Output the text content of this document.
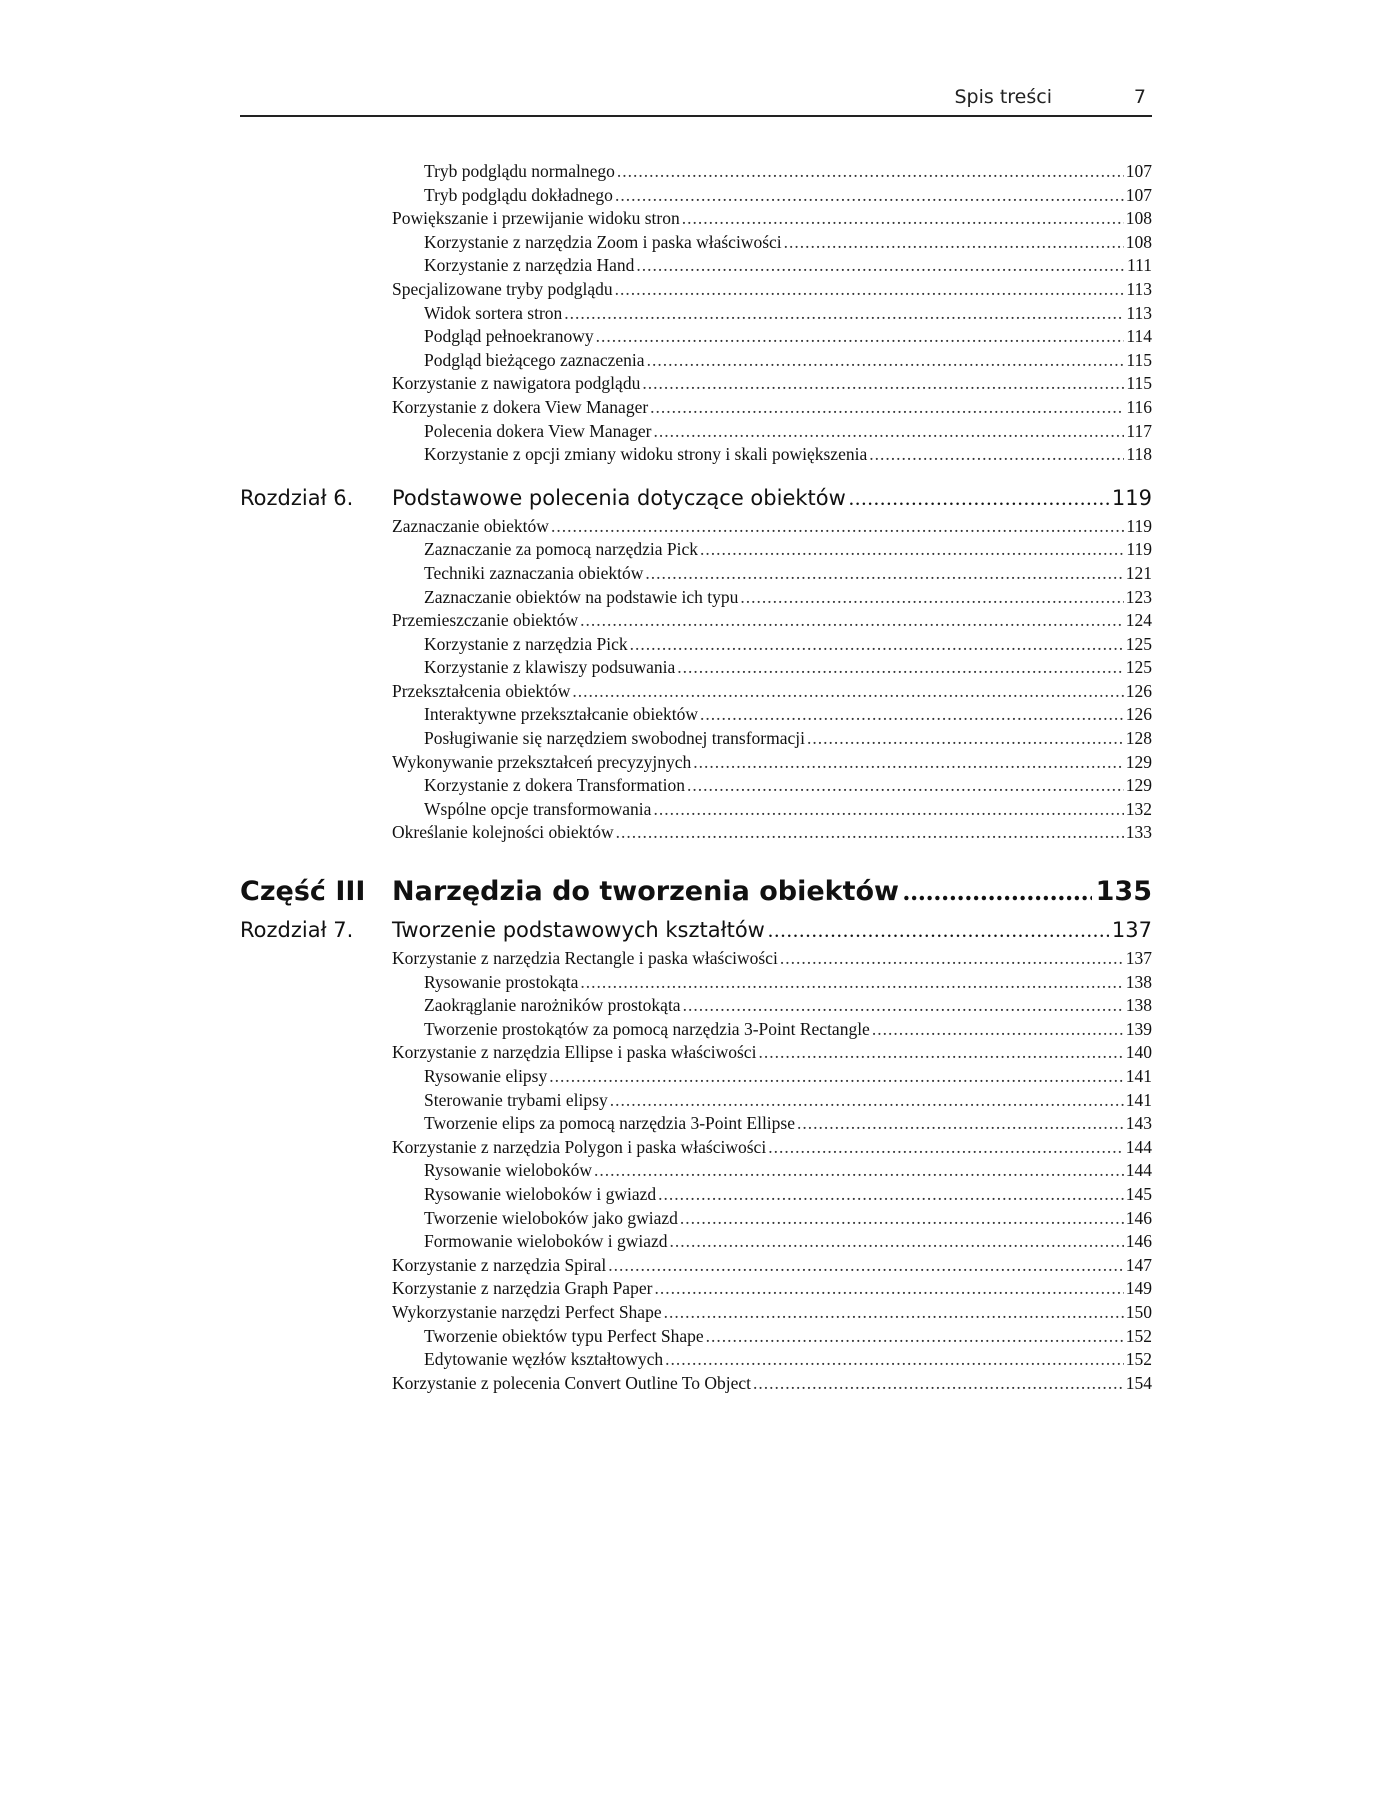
Spis treści	7
Tryb podglądu normalnego .....	107
Tryb podglądu dokładnego .....	107
Powiększanie i przewijanie widoku stron .....	108
Korzystanie z narzędzia Zoom i paska właściwości .....	108
Korzystanie z narzędzia Hand .....	111
Specjalizowane tryby podglądu .....	113
Widok sortera stron .....	113
Podgląd pełnoekranowy .....	114
Podgląd bieżącego zaznaczenia .....	115
Korzystanie z nawigatora podglądu .....	115
Korzystanie z dokera View Manager .....	116
Polecenia dokera View Manager .....	117
Korzystanie z opcji zmiany widoku strony i skali powiększenia .....	118
Rozdział 6.	Podstawowe polecenia dotyczące obiektów .....	119
Zaznaczanie obiektów .....	119
Zaznaczanie za pomocą narzędzia Pick .....	119
Techniki zaznaczania obiektów .....	121
Zaznaczanie obiektów na podstawie ich typu .....	123
Przemieszczanie obiektów .....	124
Korzystanie z narzędzia Pick .....	125
Korzystanie z klawiszy podsuwania .....	125
Przekształcenia obiektów .....	126
Interaktywne przekształcanie obiektów .....	126
Posługiwanie się narzędziem swobodnej transformacji .....	128
Wykonywanie przekształceń precyzyjnych .....	129
Korzystanie z dokera Transformation .....	129
Wspólne opcje transformowania .....	132
Określanie kolejności obiektów .....	133
Część III Narzędzia do tworzenia obiektów .....	135
Rozdział 7.	Tworzenie podstawowych kształtów .....	137
Korzystanie z narzędzia Rectangle i paska właściwości .....	137
Rysowanie prostokąta .....	138
Zaokrąglanie narożników prostokąta .....	138
Tworzenie prostokątów za pomocą narzędzia 3-Point Rectangle .....	139
Korzystanie z narzędzia Ellipse i paska właściwości .....	140
Rysowanie elipsy .....	141
Sterowanie trybami elipsy .....	141
Tworzenie elips za pomocą narzędzia 3-Point Ellipse .....	143
Korzystanie z narzędzia Polygon i paska właściwości .....	144
Rysowanie wieloboków .....	144
Rysowanie wieloboków i gwiazd .....	145
Tworzenie wieloboków jako gwiazd .....	146
Formowanie wieloboków i gwiazd .....	146
Korzystanie z narzędzia Spiral .....	147
Korzystanie z narzędzia Graph Paper .....	149
Wykorzystanie narzędzi Perfect Shape .....	150
Tworzenie obiektów typu Perfect Shape .....	152
Edytowanie węzłów kształtowych .....	152
Korzystanie z polecenia Convert Outline To Object .....	154
